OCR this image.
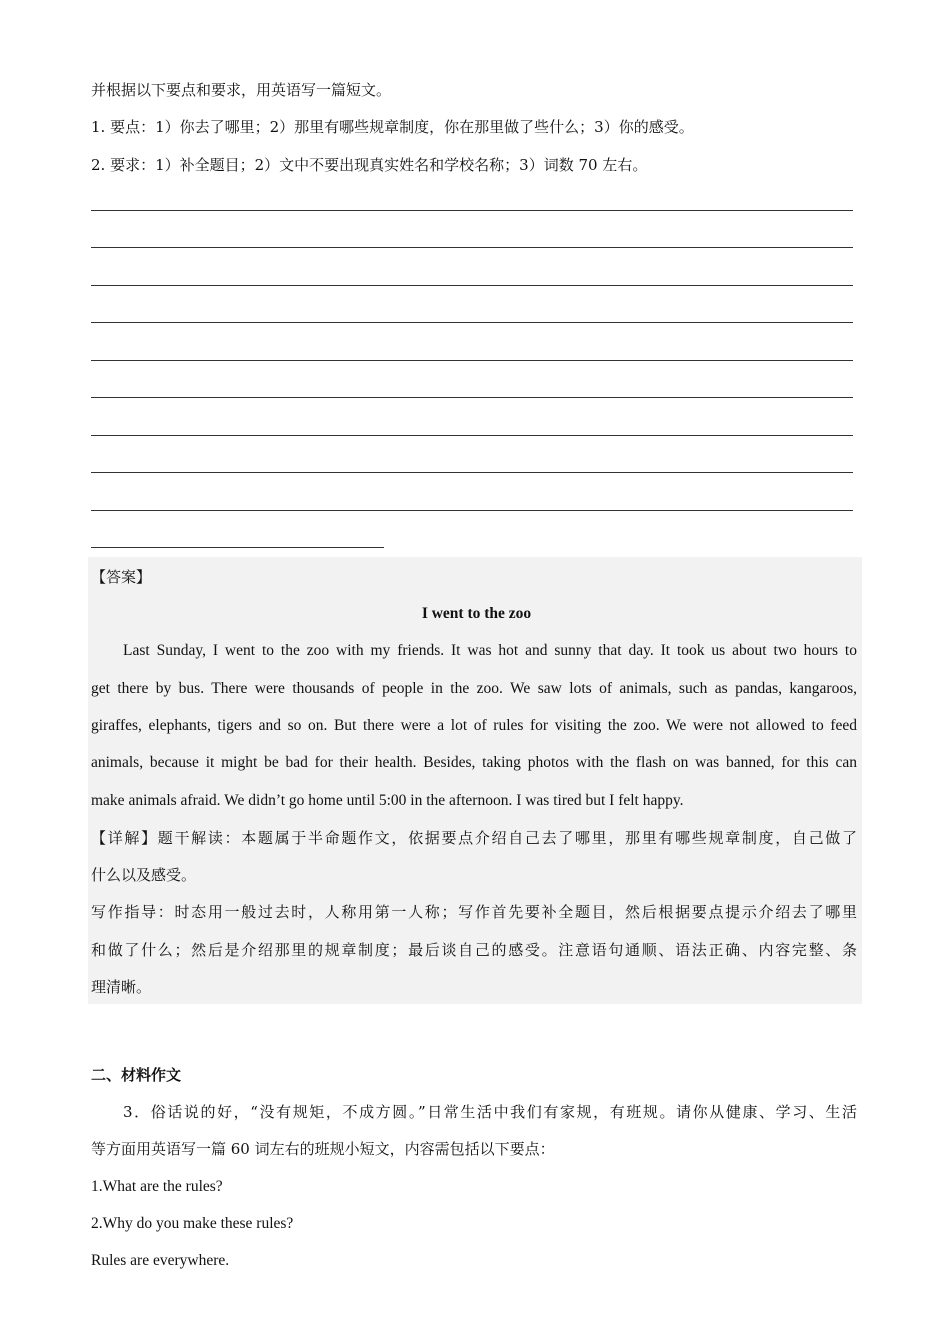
并根据以下要点和要求，用英语写一篇短文。
1. 要点：1）你去了哪里；2）那里有哪些规章制度，你在那里做了些什么；3）你的感受。
2. 要求：1）补全题目；2）文中不要出现真实姓名和学校名称；3）词数 70 左右。
【答案】
I went to the zoo
Last Sunday, I went to the zoo with my friends. It was hot and sunny that day. It took us about two hours to
get there by bus. There were thousands of people in the zoo. We saw lots of animals, such as pandas, kangaroos,
giraffes, elephants, tigers and so on. But there were a lot of rules for visiting the zoo. We were not allowed to feed
animals, because it might be bad for their health. Besides, taking photos with the flash on was banned, for this can
make animals afraid. We didn’t go home until 5:00 in the afternoon. I was tired but I felt happy.
【详解】题干解读：本题属于半命题作文，依据要点介绍自己去了哪里，那里有哪些规章制度，自己做了
什么以及感受。
写作指导：时态用一般过去时，人称用第一人称；写作首先要补全题目，然后根据要点提示介绍去了哪里
和做了什么；然后是介绍那里的规章制度；最后谈自己的感受。注意语句通顺、语法正确、内容完整、条
理清晰。
二、材料作文
3．俗话说的好，“没有规矩，不成方圆。”日常生活中我们有家规，有班规。请你从健康、学习、生活
等方面用英语写一篇 60 词左右的班规小短文，内容需包括以下要点：
1.What are the rules?
2.Why do you make these rules?
Rules are everywhere.
